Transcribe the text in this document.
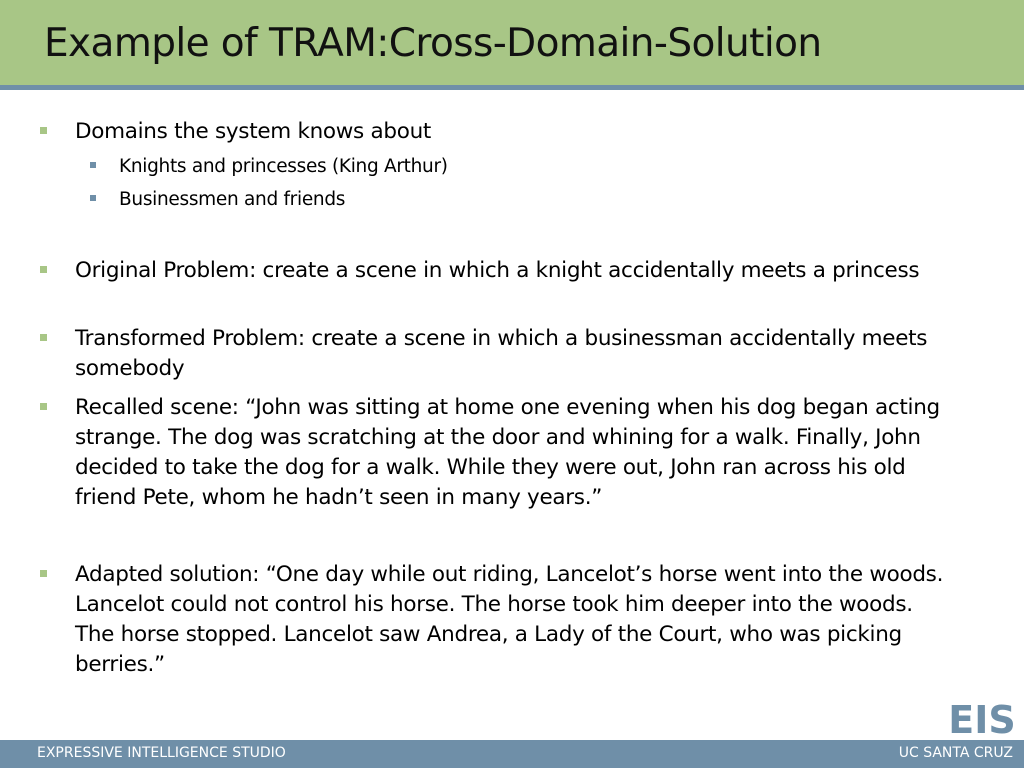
Example of TRAM:Cross-Domain-Solution
Domains the system knows about
Knights and princesses (King Arthur)
Businessmen and friends
Original Problem: create a scene in which a knight accidentally meets a princess
Transformed Problem: create a scene in which a businessman accidentally meets somebody
Recalled scene: “John was sitting at home one evening when his dog began acting strange. The dog was scratching at the door and whining for a walk. Finally, John decided to take the dog for a walk. While they were out, John ran across his old friend Pete, whom he hadn’t seen in many years.”
Adapted solution: “One day while out riding, Lancelot’s horse went into the woods. Lancelot could not control his horse. The horse took him deeper into the woods. The horse stopped. Lancelot saw Andrea, a Lady of the Court, who was picking berries.”
EIS
EXPRESSIVE INTELLIGENCE STUDIO	UC SANTA CRUZ
